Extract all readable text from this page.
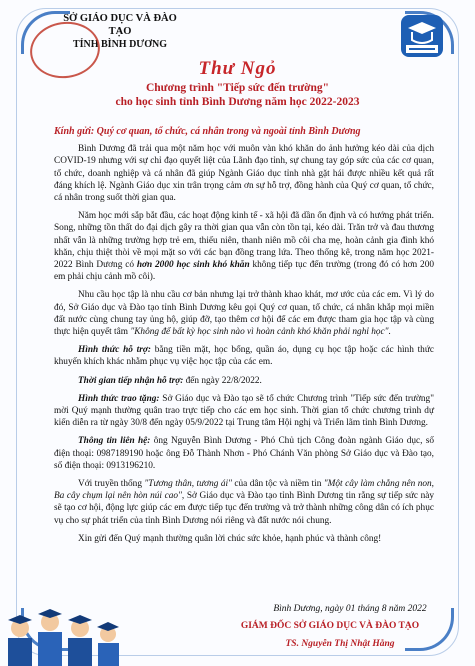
SỞ GIÁO DỤC VÀ ĐÀO TẠO
TỈNH BÌNH DƯƠNG
Thư Ngỏ
Chương trình "Tiếp sức đến trường"
cho học sinh tỉnh Bình Dương năm học 2022-2023
Kính gửi: Quý cơ quan, tổ chức, cá nhân trong và ngoài tỉnh Bình Dương

Bình Dương đã trải qua một năm học với muôn vàn khó khăn do ảnh hưởng kéo dài của dịch COVID-19 nhưng với sự chỉ đạo quyết liệt của Lãnh đạo tỉnh, sự chung tay góp sức của các cơ quan, tổ chức, doanh nghiệp và cá nhân đã giúp Ngành Giáo dục tỉnh nhà gặt hái được nhiều kết quả rất đáng khích lệ. Ngành Giáo dục xin trân trọng cảm ơn sự hỗ trợ, đồng hành của Quý cơ quan, tổ chức, cá nhân trong suốt thời gian qua.

Năm học mới sắp bắt đầu, các hoạt động kinh tế - xã hội đã dần ổn định và có hướng phát triển. Song, những tồn thất do đại dịch gây ra thời gian qua vẫn còn tồn tại, kéo dài. Trăn trở và đau thương nhất vẫn là những trường hợp trẻ em, thiếu niên, thanh niên mồ côi cha mẹ, hoàn cảnh gia đình khó khăn, chịu thiệt thòi về mọi mặt so với các bạn đồng trang lứa. Theo thống kê, trong năm học 2021-2022 Bình Dương có hơn 2000 học sinh khó khăn không tiếp tục đến trường (trong đó có hơn 200 em phải chịu cảnh mồ côi).

Nhu cầu học tập là nhu cầu cơ bản nhưng lại trở thành khao khát, mơ ước của các em. Vì lý do đó, Sở Giáo dục và Đào tạo tỉnh Bình Dương kêu gọi Quý cơ quan, tổ chức, cá nhân khắp mọi miền đất nước cùng chung tay ủng hộ, giúp đỡ, tạo thêm cơ hội để các em được tham gia học tập và cùng thực hiện quyết tâm "Không để bất kỳ học sinh nào vì hoàn cảnh khó khăn phải nghỉ học".

Hình thức hỗ trợ: bằng tiền mặt, học bổng, quần áo, dụng cụ học tập hoặc các hình thức khuyến khích khác nhằm phục vụ việc học tập của các em.

Thời gian tiếp nhận hỗ trợ: đến ngày 22/8/2022.

Hình thức trao tặng: Sở Giáo dục và Đào tạo sẽ tổ chức Chương trình "Tiếp sức đến trường" mời Quý mạnh thường quân trao trực tiếp cho các em học sinh. Thời gian tổ chức chương trình dự kiến diễn ra từ ngày 30/8 đến ngày 05/9/2022 tại Trung tâm Hội nghị và Triển lãm tỉnh Bình Dương.

Thông tin liên hệ: ông Nguyễn Bình Dương - Phó Chủ tịch Công đoàn ngành Giáo dục, số điện thoại: 0987189190 hoặc ông Đỗ Thành Nhơn - Phó Chánh Văn phòng Sở Giáo dục và Đào tạo, số điện thoại: 0913196210.

Với truyền thống "Tương thân, tương ái" của dân tộc và niềm tin "Một cây làm chẳng nên non, Ba cây chụm lại nên hòn núi cao", Sở Giáo dục và Đào tạo tỉnh Bình Dương tin rằng sự tiếp sức này sẽ tạo cơ hội, động lực giúp các em được tiếp tục đến trường và trở thành những công dân có ích phục vụ cho sự phát triển của tỉnh Bình Dương nói riêng và đất nước nói chung.

Xin gửi đến Quý mạnh thường quân lời chúc sức khỏe, hạnh phúc và thành công!

Bình Dương, ngày 01 tháng 8 năm 2022
GIÁM ĐỐC SỞ GIÁO DỤC VÀ ĐÀO TẠO
TS. Nguyễn Thị Nhật Hằng
